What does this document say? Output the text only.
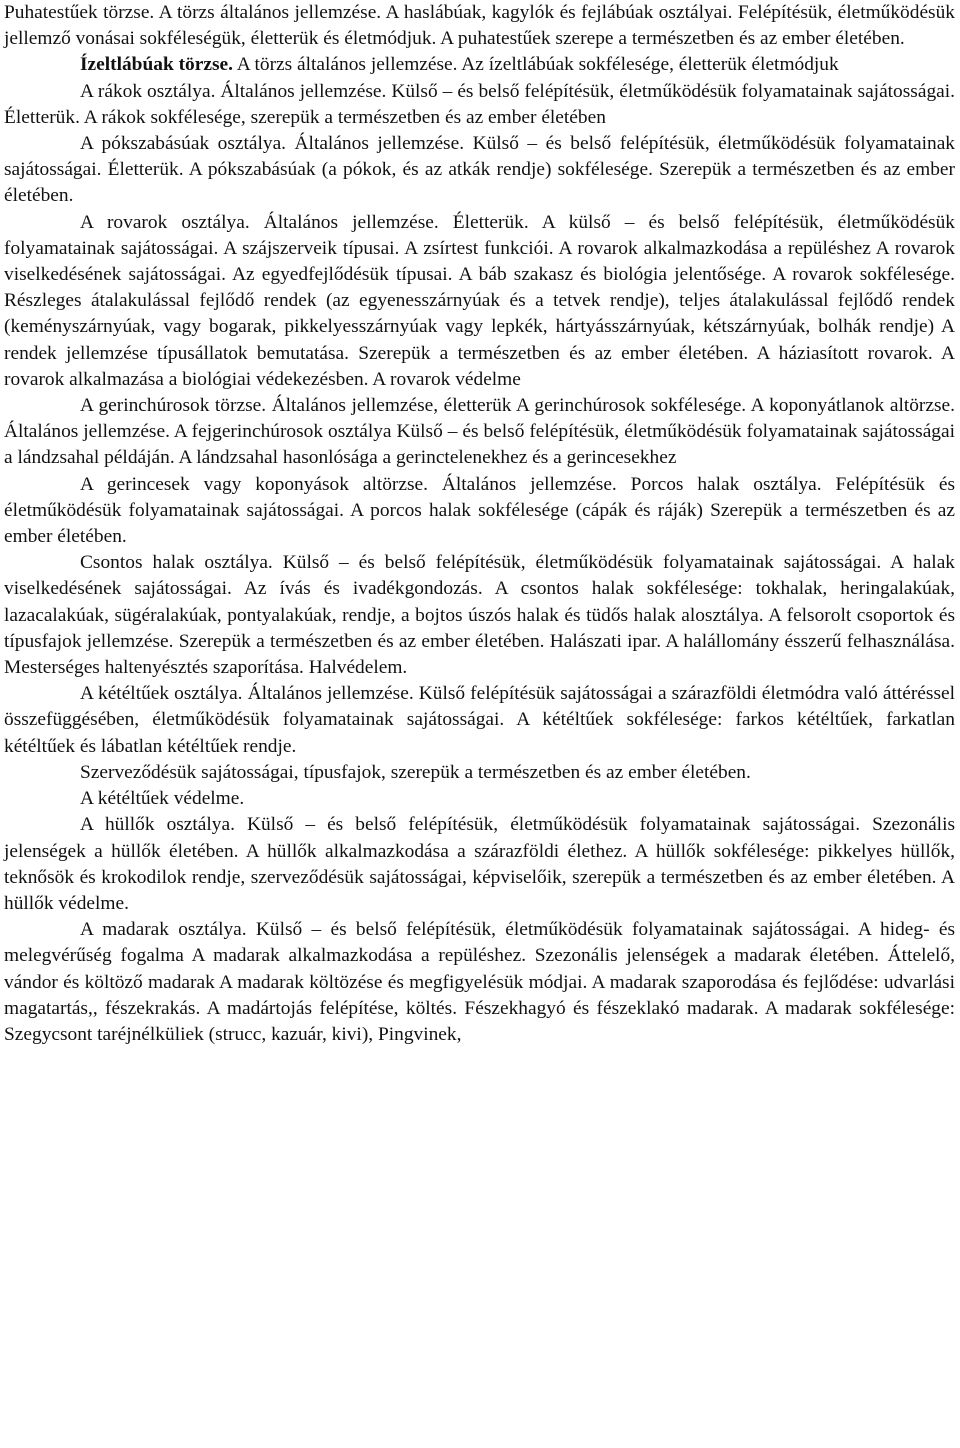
Puhatestűek törzse. A törzs általános jellemzése. A haslábúak, kagylók és fejlábúak osztályai. Felépítésük, életműködésük jellemző vonásai sokféleségük, életterük és életmódjuk. A puhatestűek szerepe a természetben és az ember életében.

Ízeltlábúak törzse. A törzs általános jellemzése. Az ízeltlábúak sokfélesége, életterük életmódjuk

A rákok osztálya. Általános jellemzése. Külső – és belső felépítésük, életműködésük folyamatainak sajátosságai. Életterük. A rákok sokfélesége, szerepük a természetben és az ember életében

A pókszabásúak osztálya. Általános jellemzése. Külső – és belső felépítésük, életműködésük folyamatainak sajátosságai. Életterük. A pókszabásúak (a pókok, és az atkák rendje) sokfélesége. Szerepük a természetben és az ember életében.

A rovarok osztálya. Általános jellemzése. Életterük. A külső – és belső felépítésük, életműködésük folyamatainak sajátosságai. A szájszerveik típusai. A zsírtest funkciói. A rovarok alkalmazkodása a repüléshez A rovarok viselkedésének sajátosságai. Az egyedfejlődésük típusai. A báb szakasz és biológia jelentősége. A rovarok sokfélesége. Részleges átalakulással fejlődő rendek (az egyenesszárnyúak és a tetvek rendje), teljes átalakulással fejlődő rendek (keményszárnyúak, vagy bogarak, pikkelyesszárnyúak vagy lepkék, hártyásszárnyúak, kétszárnyúak, bolhák rendje) A rendek jellemzése típusállatok bemutatása. Szerepük a természetben és az ember életében. A háziasított rovarok. A rovarok alkalmazása a biológiai védekezésben. A rovarok védelme

A gerinchúrosok törzse. Általános jellemzése, életterük A gerinchúrosok sokfélesége. A koponyátlanok altörzse. Általános jellemzése. A fejgerinchúrosok osztálya Külső – és belső felépítésük, életműködésük folyamatainak sajátosságai a lándzsahal példáján. A lándzsahal hasonlósága a gerinctelenekhez és a gerincesekhez

A gerincesek vagy koponyások altörzse. Általános jellemzése. Porcos halak osztálya. Felépítésük és életműködésük folyamatainak sajátosságai. A porcos halak sokfélesége (cápák és ráják) Szerepük a természetben és az ember életében.

Csontos halak osztálya. Külső – és belső felépítésük, életműködésük folyamatainak sajátosságai. A halak viselkedésének sajátosságai. Az ívás és ivadékgondozás. A csontos halak sokfélesége: tokhalak, heringalakúak, lazacalakúak, sügéralakúak, pontyalakúak, rendje, a bojtos úszós halak és tüdős halak alosztálya. A felsorolt csoportok és típusfajok jellemzése. Szerepük a természetben és az ember életében. Halászati ipar. A halállomány ésszerű felhasználása. Mesterséges haltenyésztés szaporítása. Halvédelem.

A kétéltűek osztálya. Általános jellemzése. Külső felépítésük sajátosságai a szárazföldi életmódra való áttéréssel összefüggésében, életműködésük folyamatainak sajátosságai. A kétéltűek sokfélesége: farkos kétéltűek, farkatlan kétéltűek és lábatlan kétéltűek rendje.

Szerveződésük sajátosságai, típusfajok, szerepük a természetben és az ember életében.

A kétéltűek védelme.

A hüllők osztálya. Külső – és belső felépítésük, életműködésük folyamatainak sajátosságai. Szezonális jelenségek a hüllők életében. A hüllők alkalmazkodása a szárazföldi élethez. A hüllők sokfélesége: pikkelyes hüllők, teknősök és krokodilok rendje, szerveződésük sajátosságai, képviselőik, szerepük a természetben és az ember életében. A hüllők védelme.

A madarak osztálya. Külső – és belső felépítésük, életműködésük folyamatainak sajátosságai. A hideg- és melegvérűség fogalma A madarak alkalmazkodása a repüléshez. Szezonális jelenségek a madarak életében. Áttelelő, vándor és költöző madarak A madarak költözése és megfigyelésük módjai. A madarak szaporodása és fejlődése: udvarlási magatartás,, fészekrakás. A madártojás felépítése, költés. Fészekhagyó és fészeklakó madarak. A madarak sokfélesége: Szegycsont taréjnélküliek (strucc, kazuár, kivi), Pingvinek,
